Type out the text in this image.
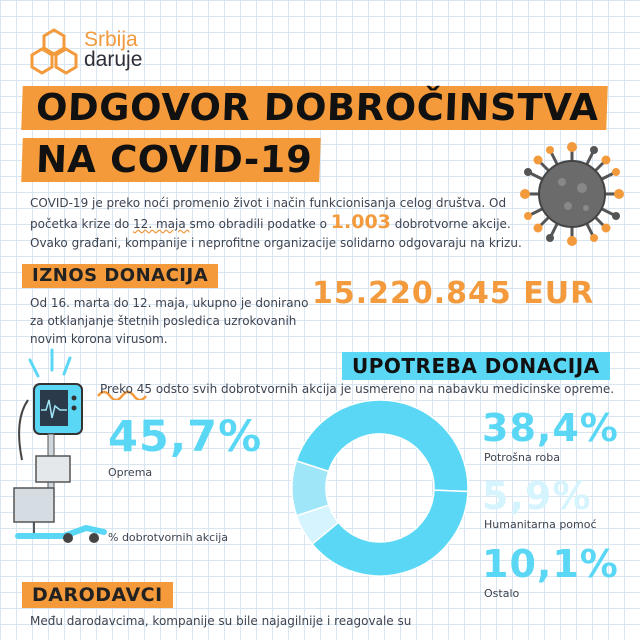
Srbija
daruje
ODGOVOR DOBROČINSTVA
NA COVID-19

COVID-19 je preko noći promenio život i način funkcionisanja celog društva. Od početka krize do 12. maja smo obradili podatke o 1.003 dobrotvorne akcije. Ovako građani, kompanije i neprofitne organizacije solidarno odgovaraju na krizu.

IZNOS DONACIJA
15.220.845 EUR

Od 16. marta do 12. maja, ukupno je donirano za otklanjanje štetnih posledica uzrokovanih novim korona virusom.

UPOTREBA DONACIJA

Preko 45 odsto svih dobrotvornih akcija je usmereno na nabavku medicinske opreme.

45,7%
Oprema
% dobrotvornih akcija
38,4%
Potrošna roba
5,9%
Humanitarna pomoć
10,1%
Ostalo
DARODAVCI

Među darodavcima, kompanije su bile najagilnije i reagovale su
